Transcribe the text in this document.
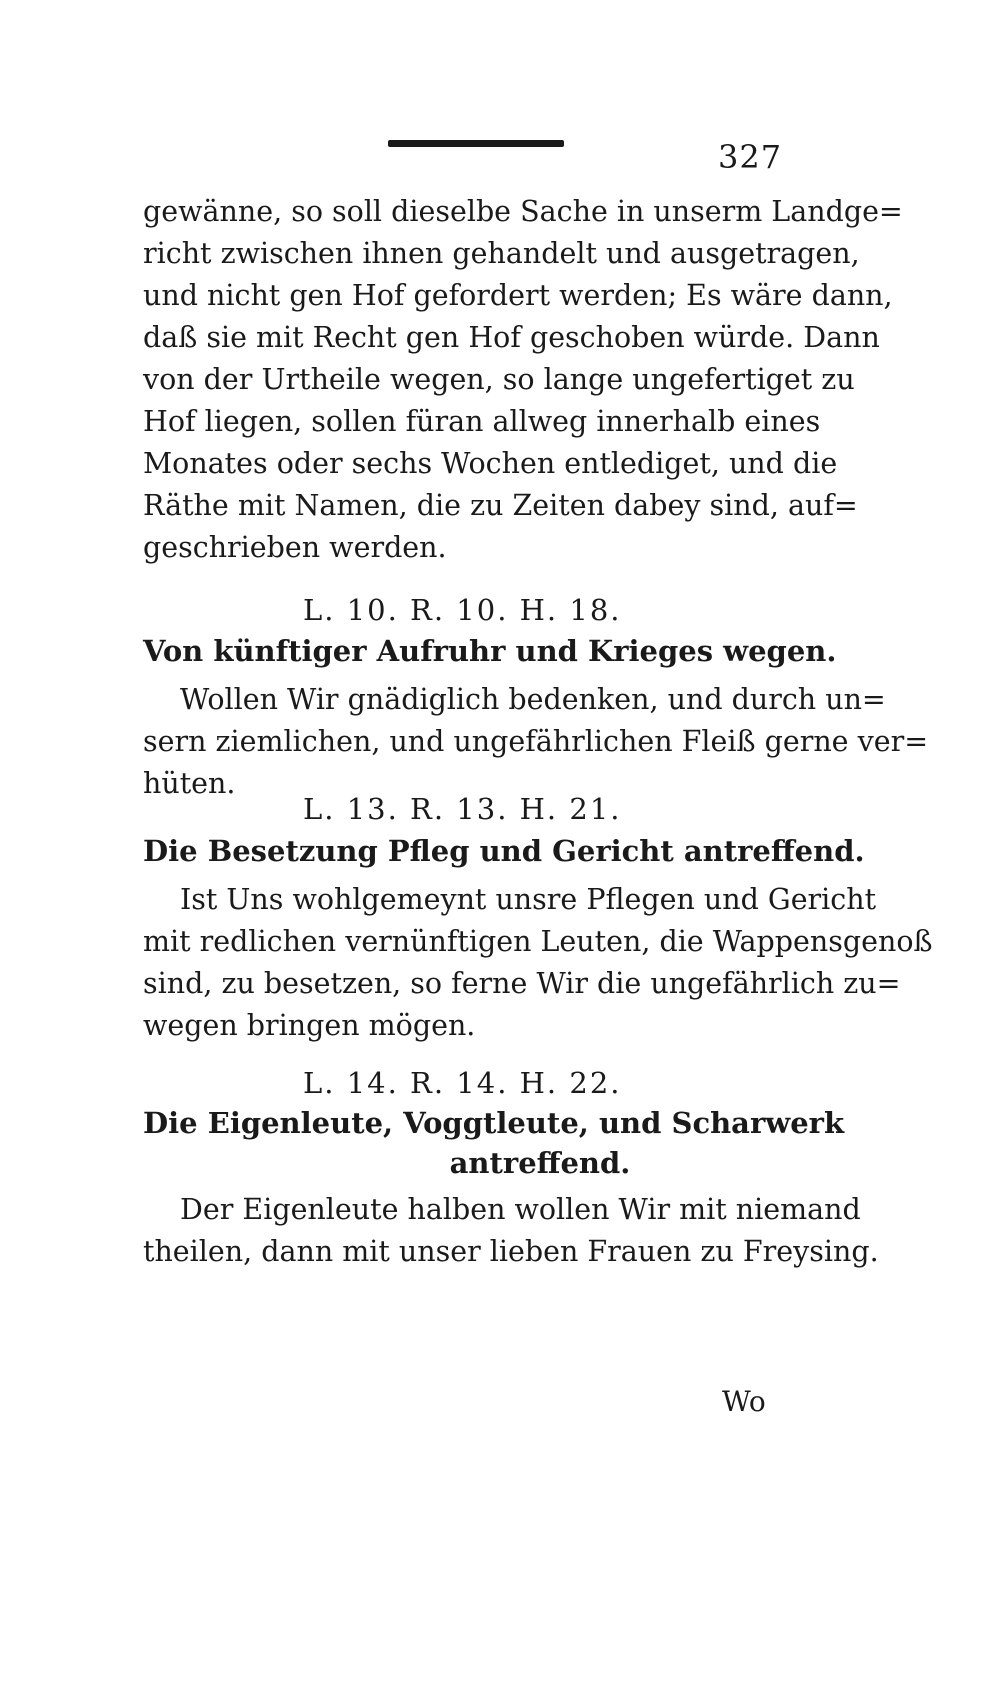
327
gewänne, so soll dieselbe Sache in unserm Landge=
richt zwischen ihnen gehandelt und ausgetragen,
und nicht gen Hof gefordert werden; Es wäre dann,
daß sie mit Recht gen Hof geschoben würde. Dann
von der Urtheile wegen, so lange ungefertiget zu
Hof liegen, sollen füran allweg innerhalb eines
Monates oder sechs Wochen entlediget, und die
Räthe mit Namen, die zu Zeiten dabey sind, auf=
geschrieben werden.
L. 10. R. 10. H. 18.
Von künftiger Aufruhr und Krieges wegen.
Wollen Wir gnädiglich bedenken, und durch un=
sern ziemlichen, und ungefährlichen Fleiß gerne ver=
hüten.
L. 13. R. 13. H. 21.
Die Besetzung Pfleg und Gericht antreffend.
Ist Uns wohlgemeynt unsre Pflegen und Gericht
mit redlichen vernünftigen Leuten, die Wappensgenoß
sind, zu besetzen, so ferne Wir die ungefährlich zu=
wegen bringen mögen.
L. 14. R. 14. H. 22.
Die Eigenleute, Voggtleute, und Scharwerk
antreffend.
Der Eigenleute halben wollen Wir mit niemand
theilen, dann mit unser lieben Frauen zu Freysing.
Wo
